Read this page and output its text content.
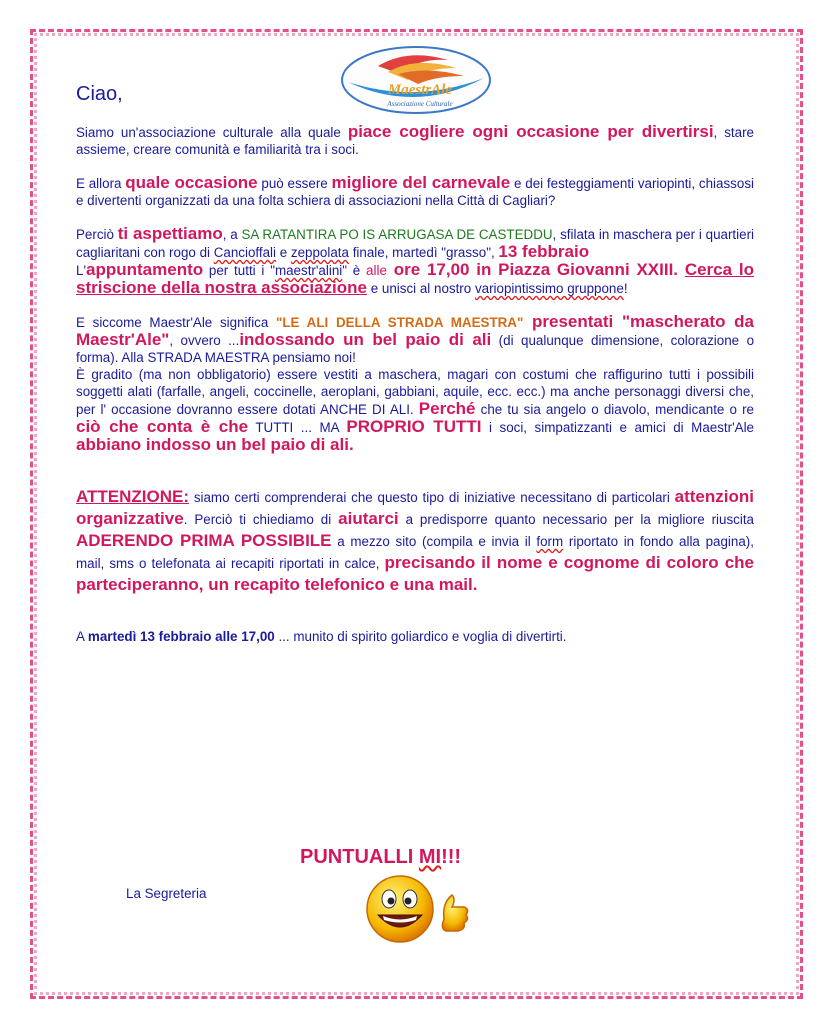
MaestrAle
Associazione Culturale
Ciao,

Siamo un'associazione culturale alla quale piace cogliere ogni occasione per divertirsi, stare assieme, creare comunità e familiarità tra i soci.

E allora quale occasione può essere migliore del carnevale e dei festeggiamenti variopinti, chiassosi e divertenti organizzati da una folta schiera di associazioni nella Città di Cagliari?

Perciò ti aspettiamo, a SA RATANTIRA PO IS ARRUGASA DE CASTEDDU, sfilata in maschera per i quartieri cagliaritani con rogo di Cancioffali e zeppolata finale, martedì "grasso", 13 febbraio
L'appuntamento per tutti i "maestr'alini" è alle ore 17,00 in Piazza Giovanni XXIII. Cerca lo striscione della nostra associazione e unisci al nostro variopintissimo gruppone!

E siccome Maestr'Ale significa "LE ALI DELLA STRADA MAESTRA" presentati "mascherato da Maestr'Ale", ovvero ...indossando un bel paio di ali (di qualunque dimensione, colorazione o forma). Alla STRADA MAESTRA pensiamo noi!
È gradito (ma non obbligatorio) essere vestiti a maschera, magari con costumi che raffigurino tutti i possibili soggetti alati (farfalle, angeli, coccinelle, aeroplani, gabbiani, aquile, ecc. ecc.) ma anche personaggi diversi che, per l' occasione dovranno essere dotati ANCHE DI ALI. Perché che tu sia angelo o diavolo, mendicante o re ciò che conta è che TUTTI ... MA PROPRIO TUTTI i soci, simpatizzanti e amici di Maestr'Ale abbiano indosso un bel paio di ali.

ATTENZIONE: siamo certi comprenderai che questo tipo di iniziative necessitano di particolari attenzioni organizzative. Perciò ti chiediamo di aiutarci a predisporre quanto necessario per la migliore riuscita ADERENDO PRIMA POSSIBILE a mezzo sito (compila e invia il form riportato in fondo alla pagina), mail, sms o telefonata ai recapiti riportati in calce, precisando il nome e cognome di coloro che parteciperanno, un recapito telefonico e una mail.

A martedì 13 febbraio alle 17,00 ... munito di spirito goliardico e voglia di divertirti.

PUNTUALLI MI!!!
La Segreteria
